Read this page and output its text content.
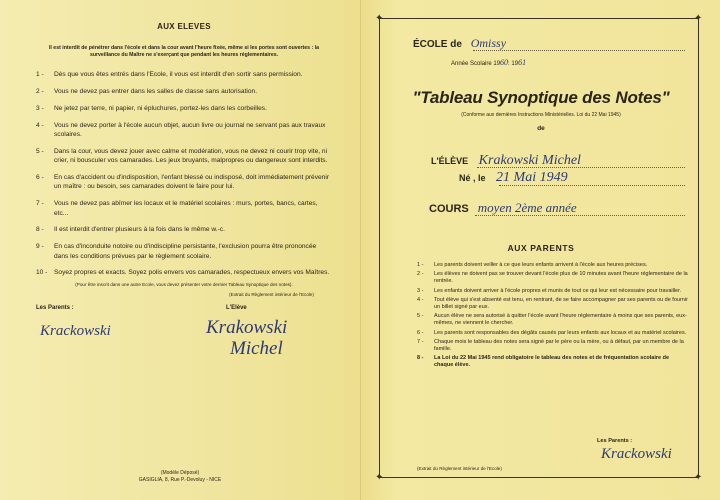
AUX ELEVES
Il est interdit de pénétrer dans l'école et dans la cour avant l'heure fixée, même si les portes sont ouvertes : la surveillance du Maître ne s'exerçant que pendant les heures réglementaires.
1 - Dès que vous êtes entrés dans l'Ecole, il vous est interdit d'en sortir sans permission.
2 - Vous ne devez pas entrer dans les salles de classe sans autorisation.
3 - Ne jetez par terre, ni papier, ni épluchures, portez-les dans les corbeilles.
4 - Vous ne devez porter à l'école aucun objet, aucun livre ou journal ne servant pas aux travaux scolaires.
5 - Dans la cour, vous devez jouer avec calme et modération, vous ne devez ni courir trop vite, ni crier, ni bousculer vos camarades. Les jeux bruyants, malpropres ou dangereux sont interdits.
6 - En cas d'accident ou d'indisposition, l'enfant blessé ou indisposé, doit immédiatement prévenir un maître : ou besoin, ses camarades doivent le faire pour lui.
7 - Vous ne devez pas abîmer les locaux et le matériel scolaires : murs, portes, bancs, cartes, etc...
8 - Il est interdit d'entrer plusieurs à la fois dans le même w.-c.
9 - En cas d'inconduite notoire ou d'indiscipline persistante, l'exclusion pourra être prononcée dans les conditions prévues par le règlement scolaire.
10 - Soyez propres et exacts. Soyez polis envers vos camarades, respectueux envers vos Maîtres.
(Pour être inscrit dans une autre Ecole, vous devez présenter votre dernier Tableau Synoptique des notes).
(Extrait du Règlement intérieur de l'Ecole)
Les Parents :	L'Elève
Krackowski	Krakowski
Michel
(Modèle Déposé)
GASIGLIA, 8, Rue P.-Devoluy - NICE
✦	✦
✦	✦
ÉCOLE de Omissy
Année Scolaire 1960: 1961
"Tableau Synoptique des Notes"
(Conforme aux dernières Instructions Ministérielles. Loi du 22 Mai 1945)
de
L'ÉLÈVE Krakowski Michel
Né , le 21 Mai 1949
COURS moyen 2ème année
AUX PARENTS
1 - Les parents doivent veiller à ce que leurs enfants arrivent à l'école aux heures précises.
2 - Les élèves ne doivent pas se trouver devant l'école plus de 10 minutes avant l'heure réglementaire de la rentrée.
3 - Les enfants doivent arriver à l'école propres et munis de tout ce qui leur est nécessaire pour travailler.
4 - Tout élève qui s'est absenté est tenu, en rentrant, de se faire accompagner par ses parents ou de fournir un billet signé par eux.
5 - Aucun élève ne sera autorisé à quitter l'école avant l'heure réglementaire à moins que ses parents, eux-mêmes, ne viennent le chercher.
6 - Les parents sont responsables des dégâts causés par leurs enfants aux locaux et au matériel scolaires.
7 - Chaque mois le tableau des notes sera signé par le père ou la mère, ou à défaut, par un membre de la famille.
8 - La Loi du 22 Mai 1945 rend obligatoire le tableau des notes et de fréquentation scolaire de chaque élève.
Les Parents :
Krackowski
(Extrait du Règlement intérieur de l'Ecole)
